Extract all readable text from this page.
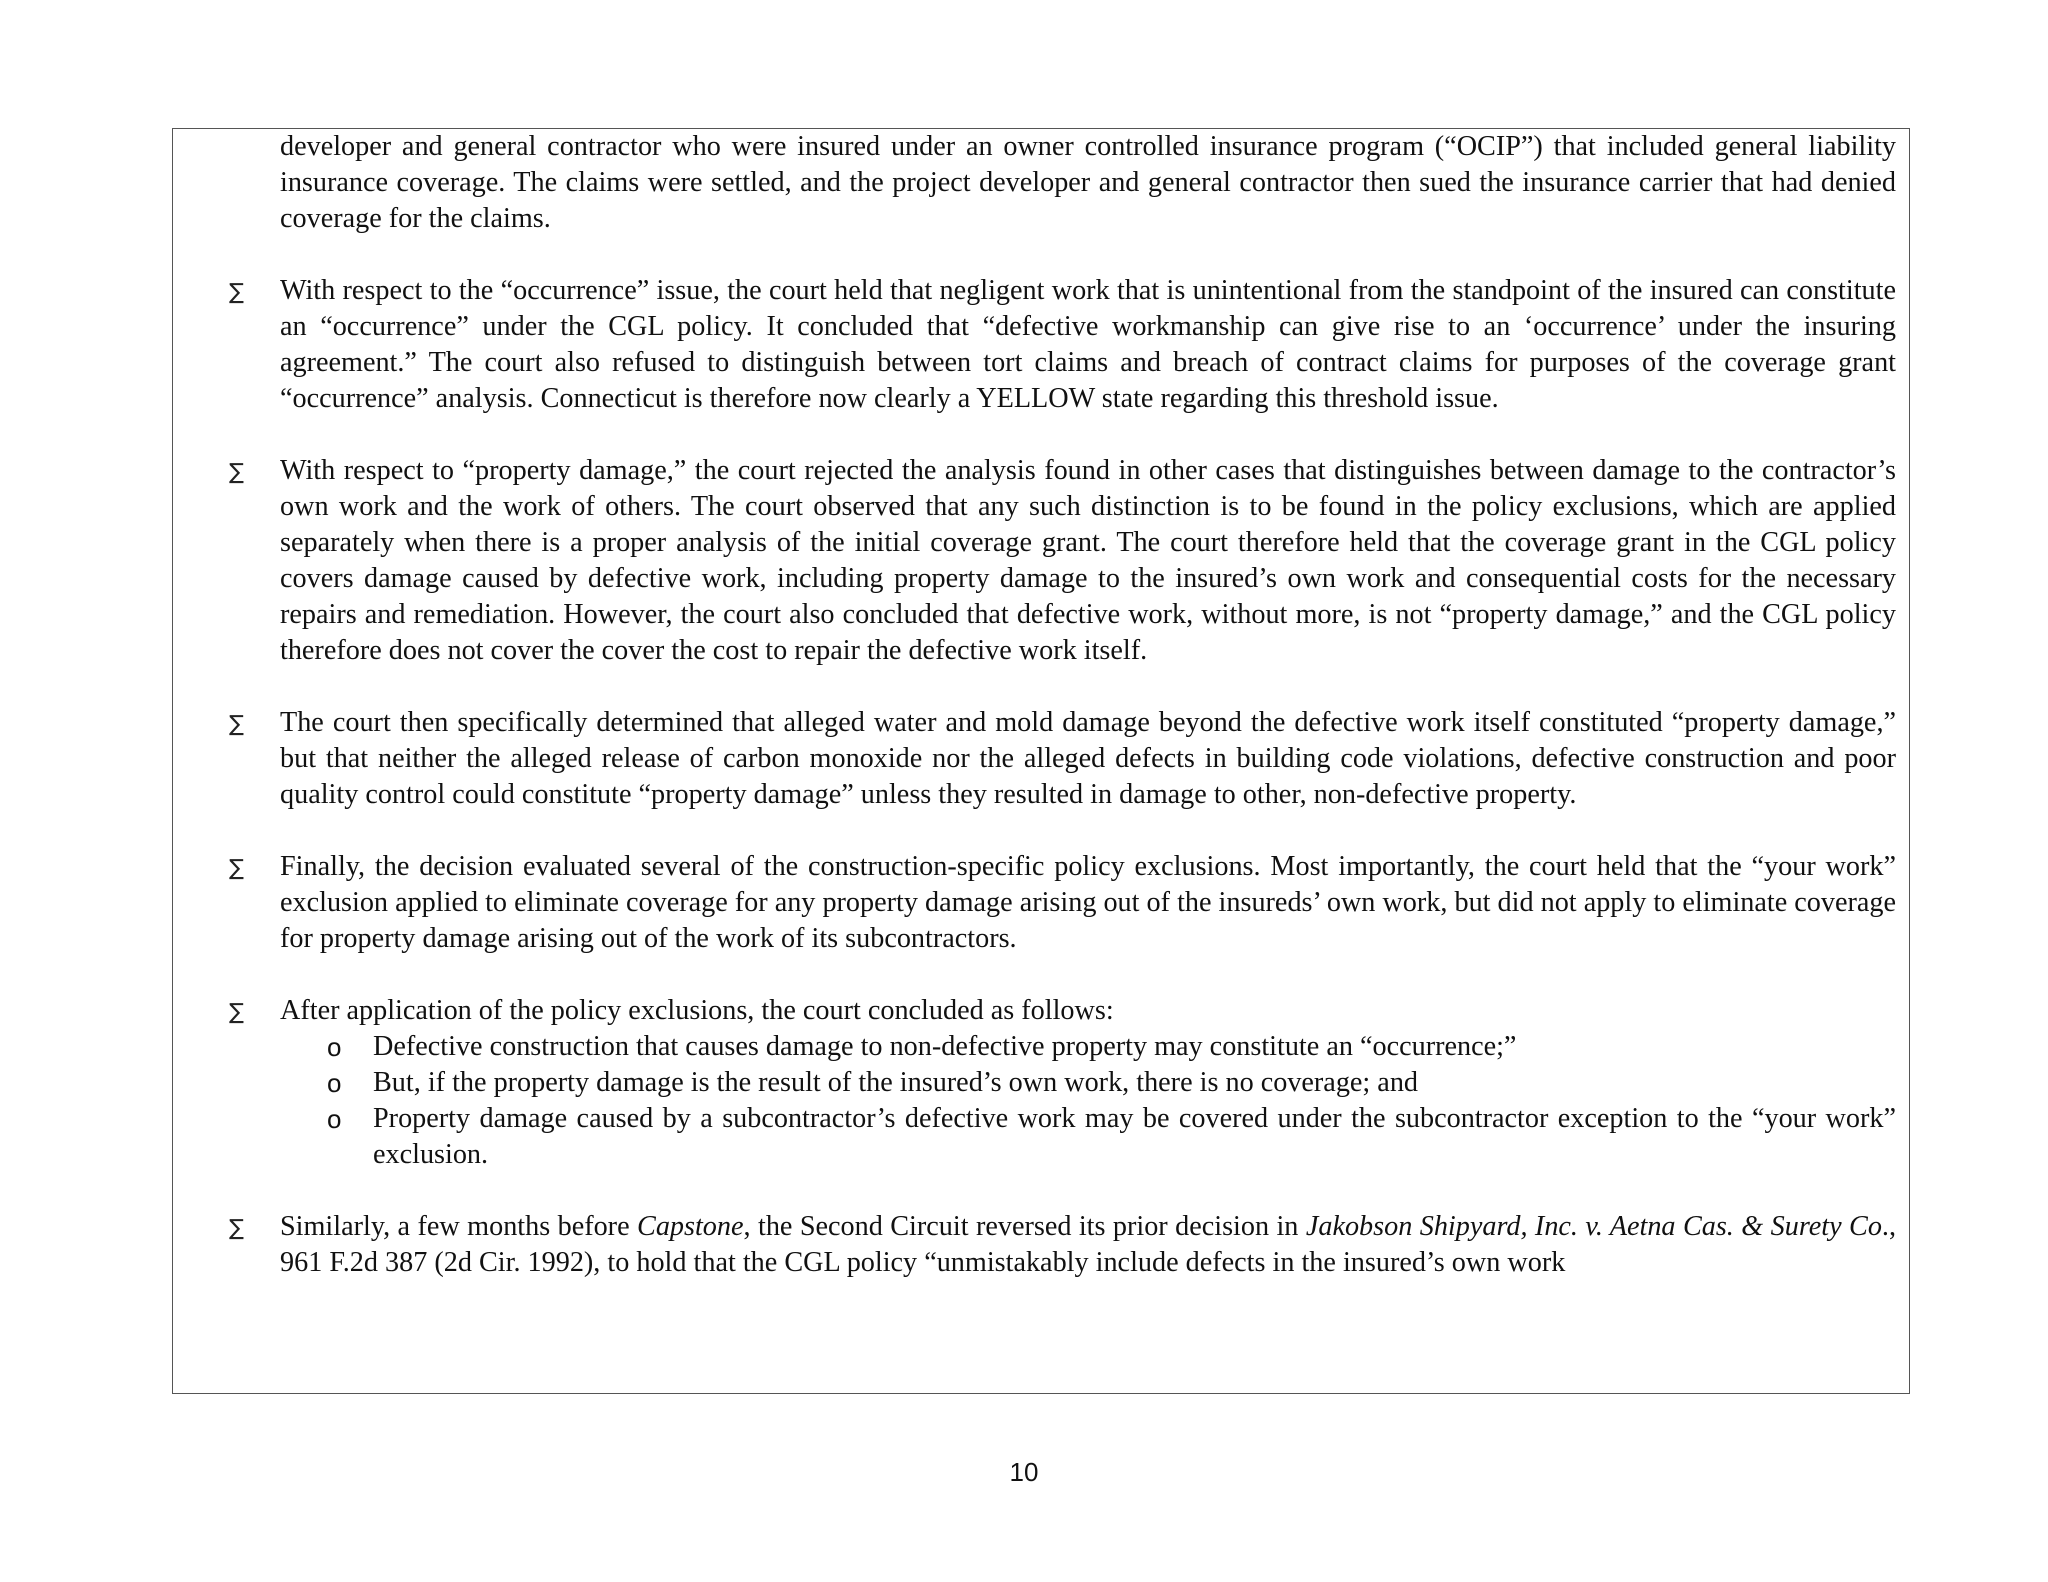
developer and general contractor who were insured under an owner controlled insurance program (“OCIP”) that included general liability insurance coverage. The claims were settled, and the project developer and general contractor then sued the insurance carrier that had denied coverage for the claims.

∑ With respect to the “occurrence” issue, the court held that negligent work that is unintentional from the standpoint of the insured can constitute an “occurrence” under the CGL policy. It concluded that “defective workmanship can give rise to an ‘occurrence’ under the insuring agreement.” The court also refused to distinguish between tort claims and breach of contract claims for purposes of the coverage grant “occurrence” analysis. Connecticut is therefore now clearly a YELLOW state regarding this threshold issue.

∑ With respect to “property damage,” the court rejected the analysis found in other cases that distinguishes between damage to the contractor’s own work and the work of others. The court observed that any such distinction is to be found in the policy exclusions, which are applied separately when there is a proper analysis of the initial coverage grant. The court therefore held that the coverage grant in the CGL policy covers damage caused by defective work, including property damage to the insured’s own work and consequential costs for the necessary repairs and remediation. However, the court also concluded that defective work, without more, is not “property damage,” and the CGL policy therefore does not cover the cover the cost to repair the defective work itself.

∑ The court then specifically determined that alleged water and mold damage beyond the defective work itself constituted “property damage,” but that neither the alleged release of carbon monoxide nor the alleged defects in building code violations, defective construction and poor quality control could constitute “property damage” unless they resulted in damage to other, non-defective property.

∑ Finally, the decision evaluated several of the construction-specific policy exclusions. Most importantly, the court held that the “your work” exclusion applied to eliminate coverage for any property damage arising out of the insureds’ own work, but did not apply to eliminate coverage for property damage arising out of the work of its subcontractors.

∑ After application of the policy exclusions, the court concluded as follows:

o Defective construction that causes damage to non-defective property may constitute an “occurrence;”

o But, if the property damage is the result of the insured’s own work, there is no coverage; and

o Property damage caused by a subcontractor’s defective work may be covered under the subcontractor exception to the “your work” exclusion.

∑ Similarly, a few months before Capstone, the Second Circuit reversed its prior decision in Jakobson Shipyard, Inc. v. Aetna Cas. & Surety Co., 961 F.2d 387 (2d Cir. 1992), to hold that the CGL policy “unmistakably include defects in the insured’s own work

10
